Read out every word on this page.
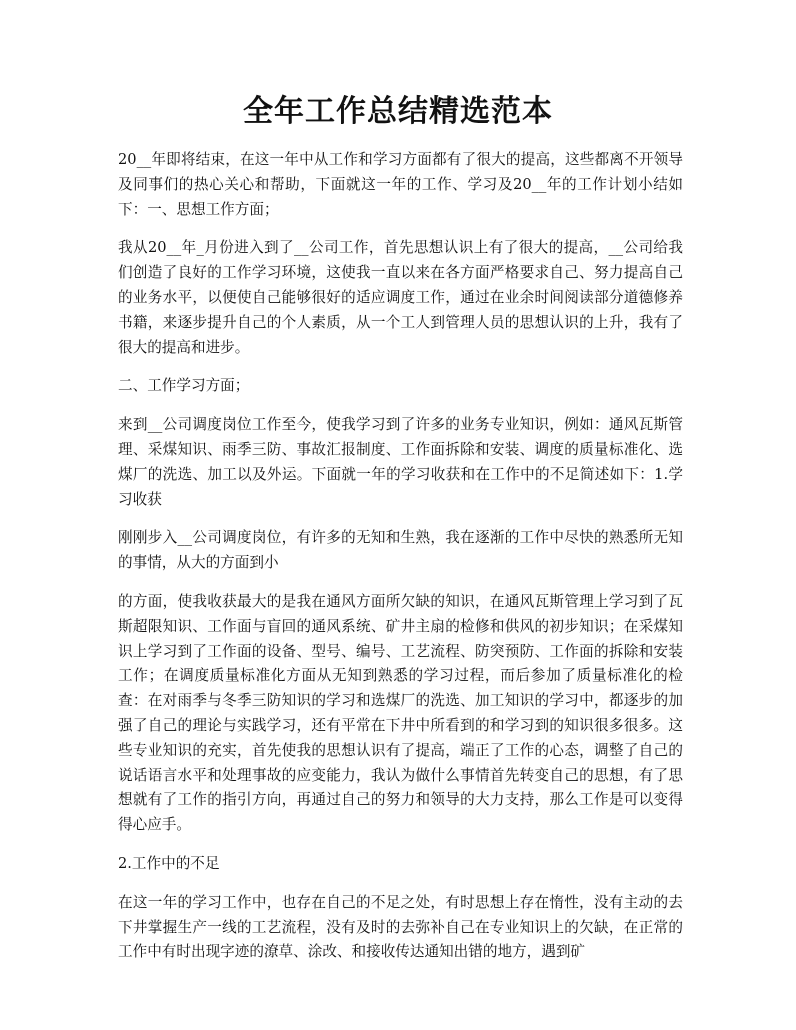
全年工作总结精选范本

20__年即将结束，在这一年中从工作和学习方面都有了很大的提高，这些都离不开领导及同事们的热心关心和帮助，下面就这一年的工作、学习及20__年的工作计划小结如下：一、思想工作方面；

我从20__年_月份进入到了__公司工作，首先思想认识上有了很大的提高，__公司给我们创造了良好的工作学习环境，这使我一直以来在各方面严格要求自己、努力提高自己的业务水平，以便使自己能够很好的适应调度工作，通过在业余时间阅读部分道德修养书籍，来逐步提升自己的个人素质，从一个工人到管理人员的思想认识的上升，我有了很大的提高和进步。

二、工作学习方面；

来到__公司调度岗位工作至今，使我学习到了许多的业务专业知识，例如：通风瓦斯管理、采煤知识、雨季三防、事故汇报制度、工作面拆除和安装、调度的质量标准化、选煤厂的洗选、加工以及外运。下面就一年的学习收获和在工作中的不足简述如下：1.学习收获

刚刚步入__公司调度岗位，有许多的无知和生熟，我在逐渐的工作中尽快的熟悉所无知的事情，从大的方面到小

的方面，使我收获最大的是我在通风方面所欠缺的知识，在通风瓦斯管理上学习到了瓦斯超限知识、工作面与盲回的通风系统、矿井主扇的检修和供风的初步知识；在采煤知识上学习到了工作面的设备、型号、编号、工艺流程、防突预防、工作面的拆除和安装工作；在调度质量标准化方面从无知到熟悉的学习过程，而后参加了质量标准化的检查：在对雨季与冬季三防知识的学习和选煤厂的洗选、加工知识的学习中，都逐步的加强了自己的理论与实践学习，还有平常在下井中所看到的和学习到的知识很多很多。这些专业知识的充实，首先使我的思想认识有了提高，端正了工作的心态，调整了自己的说话语言水平和处理事故的应变能力，我认为做什么事情首先转变自己的思想，有了思想就有了工作的指引方向，再通过自己的努力和领导的大力支持，那么工作是可以变得得心应手。

2.工作中的不足

在这一年的学习工作中，也存在自己的不足之处，有时思想上存在惰性，没有主动的去下井掌握生产一线的工艺流程，没有及时的去弥补自己在专业知识上的欠缺，在正常的工作中有时出现字迹的潦草、涂改、和接收传达通知出错的地方，遇到矿
